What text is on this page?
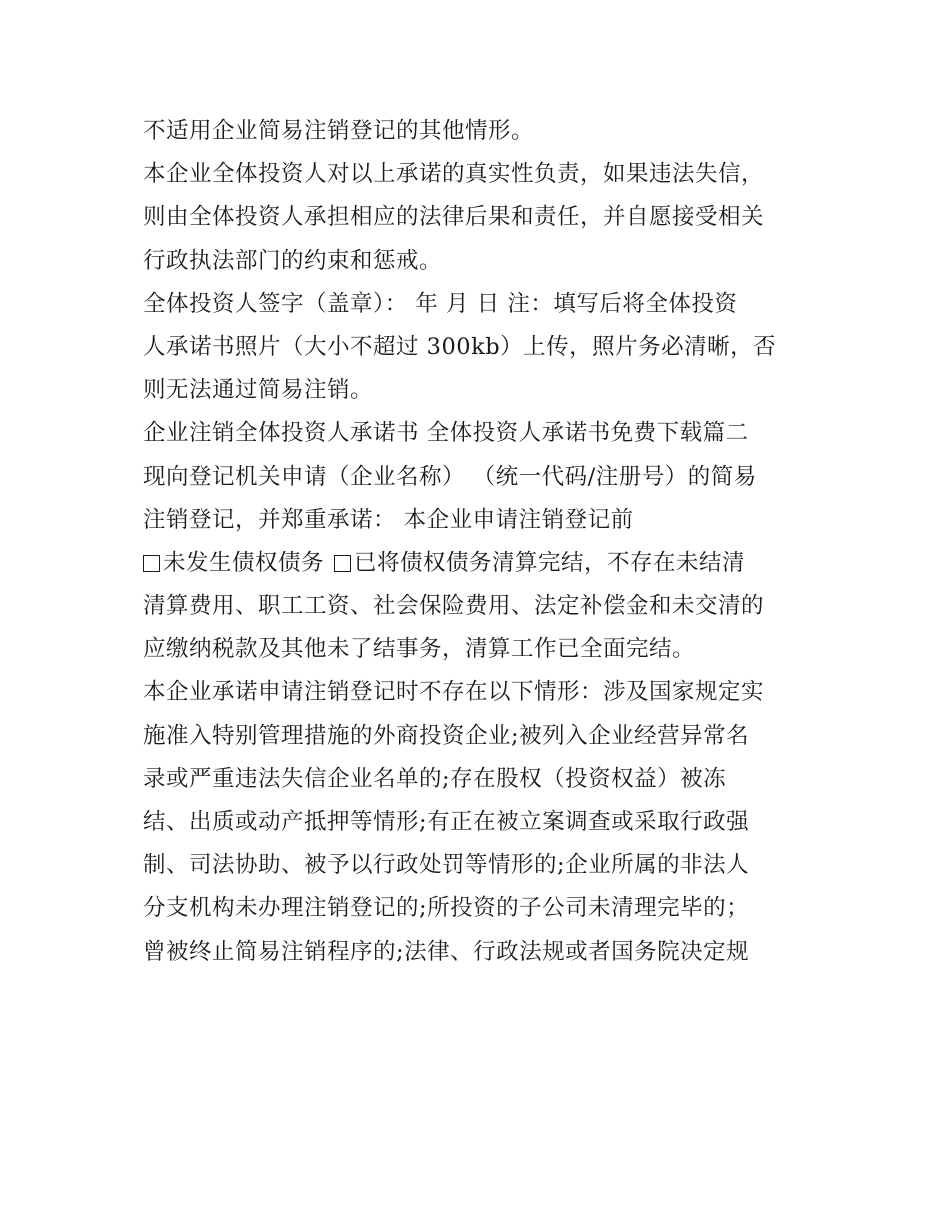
不适用企业简易注销登记的其他情形。
本企业全体投资人对以上承诺的真实性负责，如果违法失信，
则由全体投资人承担相应的法律后果和责任，并自愿接受相关
行政执法部门的约束和惩戒。
全体投资人签字（盖章）： 年 月 日 注：填写后将全体投资
人承诺书照片（大小不超过 300kb）上传，照片务必清晰，否
则无法通过简易注销。
企业注销全体投资人承诺书 全体投资人承诺书免费下载篇二
现向登记机关申请（企业名称） （统一代码/注册号）的简易
注销登记，并郑重承诺： 本企业申请注销登记前
未发生债权债务 已将债权债务清算完结，不存在未结清
清算费用、职工工资、社会保险费用、法定补偿金和未交清的
应缴纳税款及其他未了结事务，清算工作已全面完结。
本企业承诺申请注销登记时不存在以下情形：涉及国家规定实
施准入特别管理措施的外商投资企业;被列入企业经营异常名
录或严重违法失信企业名单的;存在股权（投资权益）被冻
结、出质或动产抵押等情形;有正在被立案调查或采取行政强
制、司法协助、被予以行政处罚等情形的;企业所属的非法人
分支机构未办理注销登记的;所投资的子公司未清理完毕的；
曾被终止简易注销程序的;法律、行政法规或者国务院决定规
